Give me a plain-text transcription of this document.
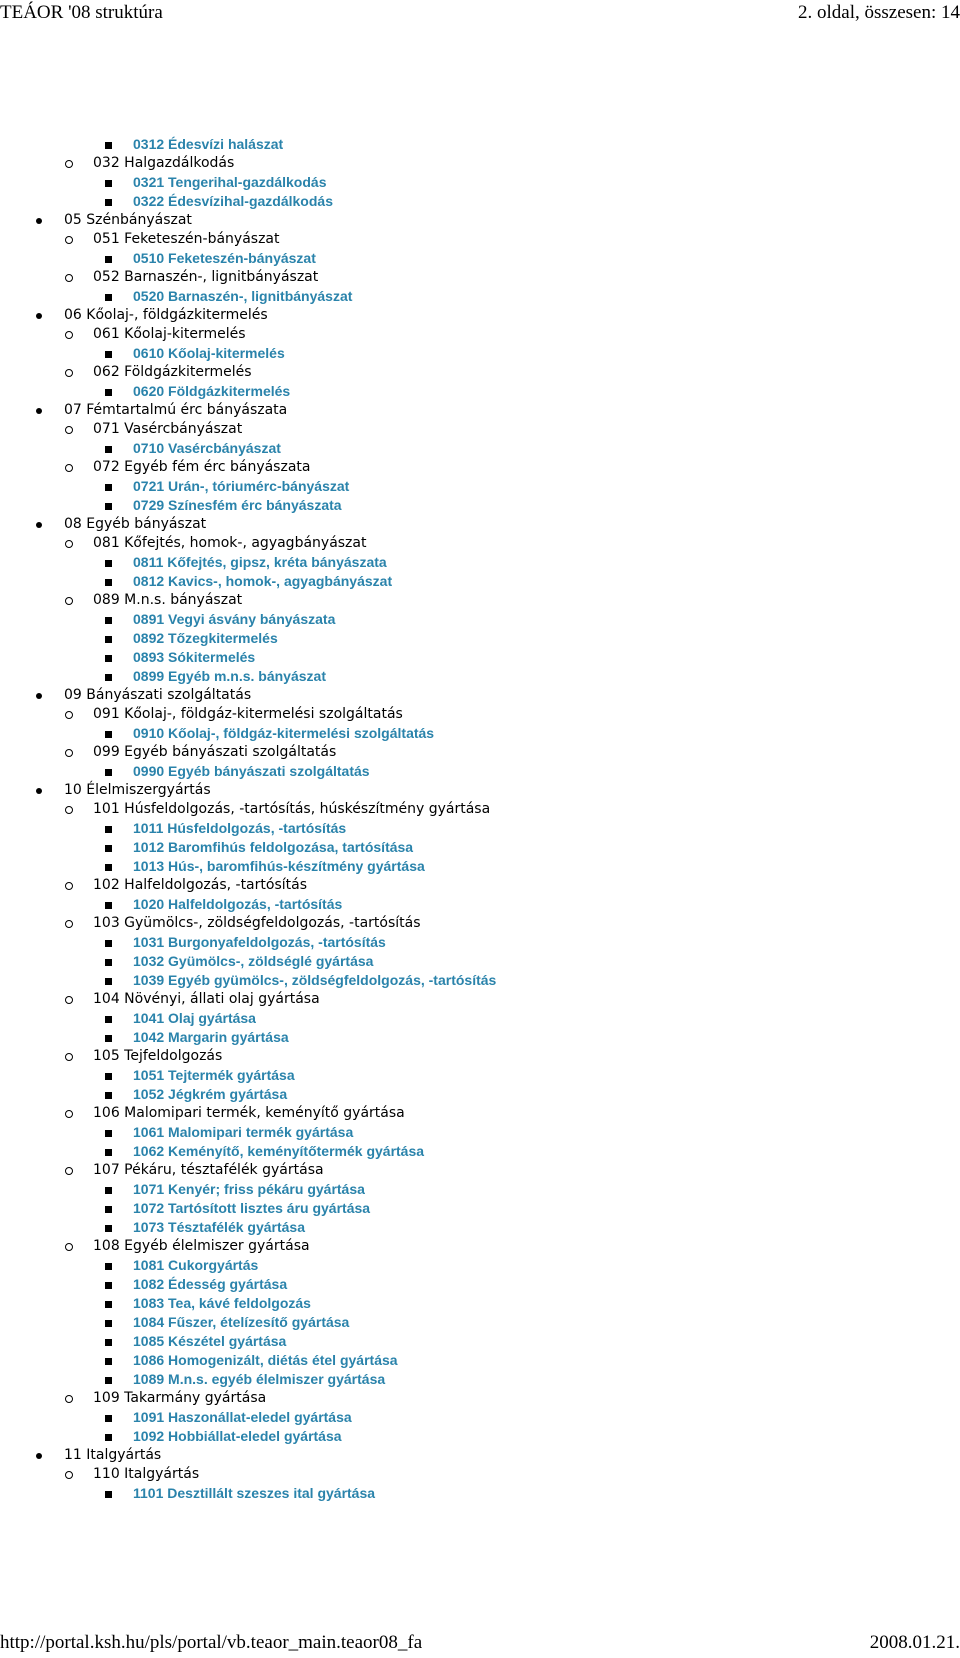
TEÁOR '08 struktúra	2. oldal, összesen: 14
0312 Édesvízi halászat
032 Halgazdálkodás
0321 Tengerihal-gazdálkodás
0322 Édesvízihal-gazdálkodás
05 Szénbányászat
051 Feketeszén-bányászat
0510 Feketeszén-bányászat
052 Barnaszén-, lignitbányászat
0520 Barnaszén-, lignitbányászat
06 Kőolaj-, földgázkitermelés
061 Kőolaj-kitermelés
0610 Kőolaj-kitermelés
062 Földgázkitermelés
0620 Földgázkitermelés
07 Fémtartalmú érc bányászata
071 Vasércbányászat
0710 Vasércbányászat
072 Egyéb fém érc bányászata
0721 Urán-, tóriumérc-bányászat
0729 Színesfém érc bányászata
08 Egyéb bányászat
081 Kőfejtés, homok-, agyagbányászat
0811 Kőfejtés, gipsz, kréta bányászata
0812 Kavics-, homok-, agyagbányászat
089 M.n.s. bányászat
0891 Vegyi ásvány bányászata
0892 Tőzegkitermelés
0893 Sókitermelés
0899 Egyéb m.n.s. bányászat
09 Bányászati szolgáltatás
091 Kőolaj-, földgáz-kitermelési szolgáltatás
0910 Kőolaj-, földgáz-kitermelési szolgáltatás
099 Egyéb bányászati szolgáltatás
0990 Egyéb bányászati szolgáltatás
10 Élelmiszergyártás
101 Húsfeldolgozás, -tartósítás, húskészítmény gyártása
1011 Húsfeldolgozás, -tartósítás
1012 Baromfihús feldolgozása, tartósítása
1013 Hús-, baromfihús-készítmény gyártása
102 Halfeldolgozás, -tartósítás
1020 Halfeldolgozás, -tartósítás
103 Gyümölcs-, zöldségfeldolgozás, -tartósítás
1031 Burgonyafeldolgozás, -tartósítás
1032 Gyümölcs-, zöldséglé gyártása
1039 Egyéb gyümölcs-, zöldségfeldolgozás, -tartósítás
104 Növényi, állati olaj gyártása
1041 Olaj gyártása
1042 Margarin gyártása
105 Tejfeldolgozás
1051 Tejtermék gyártása
1052 Jégkrém gyártása
106 Malomipari termék, keményítő gyártása
1061 Malomipari termék gyártása
1062 Keményítő, keményítőtermék gyártása
107 Pékáru, tésztafélék gyártása
1071 Kenyér; friss pékáru gyártása
1072 Tartósított lisztes áru gyártása
1073 Tésztafélék gyártása
108 Egyéb élelmiszer gyártása
1081 Cukorgyártás
1082 Édesség gyártása
1083 Tea, kávé feldolgozás
1084 Fűszer, ételízesítő gyártása
1085 Készétel gyártása
1086 Homogenizált, diétás étel gyártása
1089 M.n.s. egyéb élelmiszer gyártása
109 Takarmány gyártása
1091 Haszonállat-eledel gyártása
1092 Hobbiállat-eledel gyártása
11 Italgyártás
110 Italgyártás
1101 Desztillált szeszes ital gyártása
http://portal.ksh.hu/pls/portal/vb.teaor_main.teaor08_fa	2008.01.21.
